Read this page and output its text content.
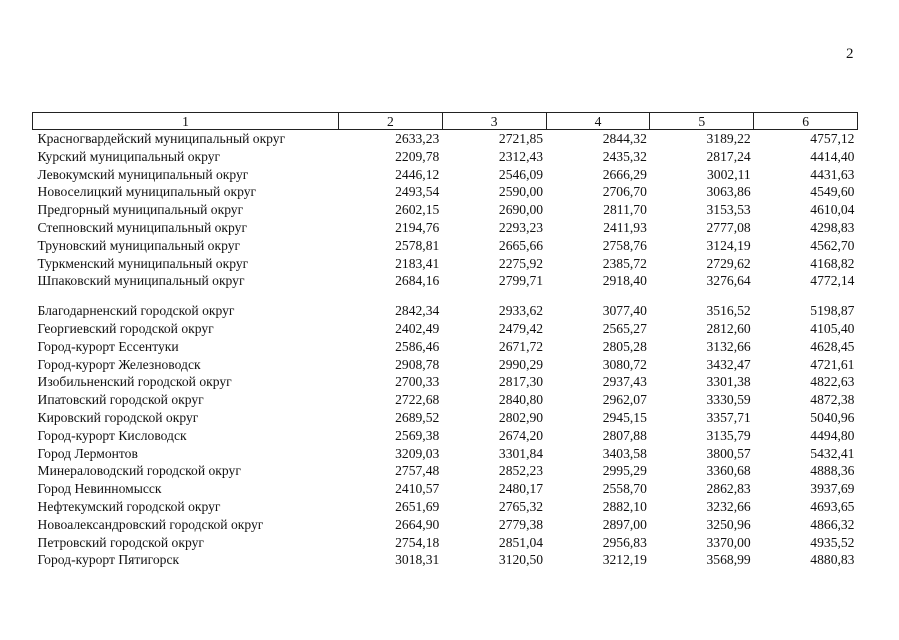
2
1	2	3	4	5	6
Красногвардейский муниципальный округ	2633,23	2721,85	2844,32	3189,22	4757,12
Курский муниципальный округ	2209,78	2312,43	2435,32	2817,24	4414,40
Левокумский муниципальный округ	2446,12	2546,09	2666,29	3002,11	4431,63
Новоселицкий муниципальный округ	2493,54	2590,00	2706,70	3063,86	4549,60
Предгорный муниципальный округ	2602,15	2690,00	2811,70	3153,53	4610,04
Степновский муниципальный округ	2194,76	2293,23	2411,93	2777,08	4298,83
Труновский муниципальный округ	2578,81	2665,66	2758,76	3124,19	4562,70
Туркменский муниципальный округ	2183,41	2275,92	2385,72	2729,62	4168,82
Шпаковский муниципальный округ	2684,16	2799,71	2918,40	3276,64	4772,14

Благодарненский городской округ	2842,34	2933,62	3077,40	3516,52	5198,87
Георгиевский городской округ	2402,49	2479,42	2565,27	2812,60	4105,40
Город-курорт Ессентуки	2586,46	2671,72	2805,28	3132,66	4628,45
Город-курорт Железноводск	2908,78	2990,29	3080,72	3432,47	4721,61
Изобильненский городской округ	2700,33	2817,30	2937,43	3301,38	4822,63
Ипатовский городской округ	2722,68	2840,80	2962,07	3330,59	4872,38
Кировский городской округ	2689,52	2802,90	2945,15	3357,71	5040,96
Город-курорт Кисловодск	2569,38	2674,20	2807,88	3135,79	4494,80
Город Лермонтов	3209,03	3301,84	3403,58	3800,57	5432,41
Минераловодский городской округ	2757,48	2852,23	2995,29	3360,68	4888,36
Город Невинномысск	2410,57	2480,17	2558,70	2862,83	3937,69
Нефтекумский городской округ	2651,69	2765,32	2882,10	3232,66	4693,65
Новоалександровский городской округ	2664,90	2779,38	2897,00	3250,96	4866,32
Петровский городской округ	2754,18	2851,04	2956,83	3370,00	4935,52
Город-курорт Пятигорск	3018,31	3120,50	3212,19	3568,99	4880,83
